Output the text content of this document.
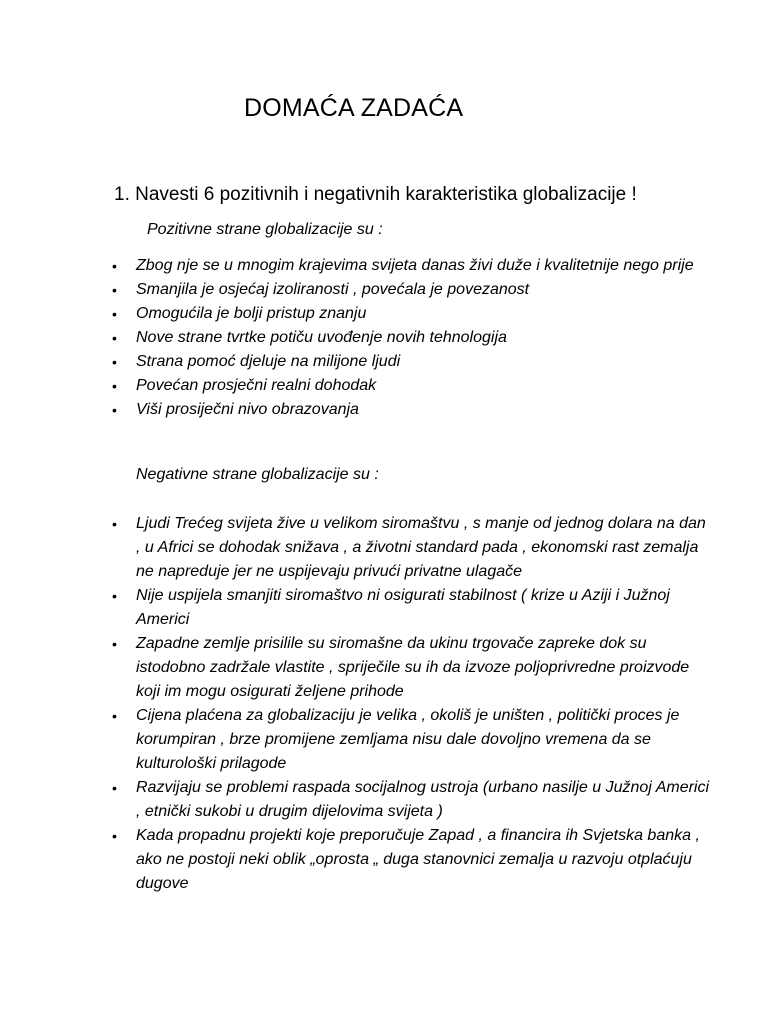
DOMAĆA ZADAĆA
1. Navesti 6 pozitivnih i negativnih karakteristika globalizacije !
Pozitivne strane globalizacije su :
• Zbog nje se u mnogim krajevima svijeta danas živi duže i kvalitetnije nego prije
• Smanjila je osjećaj izoliranosti , povećala je povezanost
• Omogućila je bolji pristup znanju
• Nove strane tvrtke potiču uvođenje novih tehnologija
• Strana pomoć djeluje na milijone ljudi
• Povećan prosječni realni dohodak
• Viši prosiječni nivo obrazovanja
Negativne strane globalizacije su :
• Ljudi Trećeg svijeta žive u velikom siromaštvu , s manje od jednog dolara na dan , u Africi se dohodak snižava , a životni standard pada , ekonomski rast zemalja ne napreduje jer ne uspijevaju privući privatne ulagače
• Nije uspijela smanjiti siromaštvo ni osigurati stabilnost ( krize u Aziji i Južnoj Americi
• Zapadne zemlje prisilile su siromašne da ukinu trgovače zapreke dok su istodobno zadržale vlastite , spriječile su ih da izvoze poljoprivredne proizvode koji im mogu osigurati željene prihode
• Cijena plaćena za globalizaciju je velika , okoliš je uništen , politički proces je korumpiran , brze promijene zemljama nisu dale dovoljno vremena da se kulturološki prilagode
• Razvijaju se problemi raspada socijalnog ustroja (urbano nasilje u Južnoj Americi , etnički sukobi u drugim dijelovima svijeta )
• Kada propadnu projekti koje preporučuje Zapad , a financira ih Svjetska banka , ako ne postoji neki oblik „oprosta „ duga stanovnici zemalja u razvoju otplaćuju dugove
